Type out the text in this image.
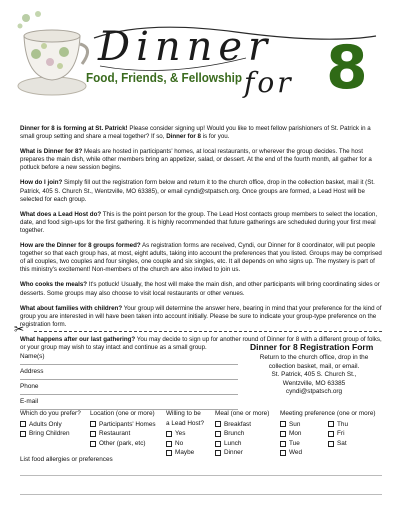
Dinner
Food, Friends, & Fellowship for 8

Dinner for 8 is forming at St. Patrick! Please consider signing up! Would you like to meet fellow parishioners of St. Patrick in a small group setting and share a meal together? If so, Dinner for 8 is for you.

What is Dinner for 8? Meals are hosted in participants' homes, at local restaurants, or wherever the group decides. The host prepares the main dish, while other members bring an appetizer, salad, or dessert. At the end of the fourth month, all gather for a potluck before a new session begins.

How do I join? Simply fill out the registration form below and return it to the church office, drop in the collection basket, mail it (St. Patrick, 405 S. Church St., Wentzville, MO 63385), or email cyndi@stpatsch.org. Once groups are formed, a Lead Host will be selected for each group.

What does a Lead Host do? This is the point person for the group. The Lead Host contacts group members to select the location, date, and food sign-ups for the first gathering. It is highly recommended that future gatherings are scheduled during your first meal together.

How are the Dinner for 8 groups formed? As registration forms are received, Cyndi, our Dinner for 8 coordinator, will put people together so that each group has, at most, eight adults, taking into account the preferences that you listed. Groups may be comprised of all couples, two couples and four singles, one couple and six singles, etc. It all depends on who signs up. The mystery is part of this ministry's excitement! Non-members of the church are also invited to join us.

Who cooks the meals? It's potluck! Usually, the host will make the main dish, and other participants will bring coordinating sides or desserts. Some groups may also choose to visit local restaurants or other venues.

What about families with children? Your group will determine the answer here, bearing in mind that your preference for the kind of group you are interested in will have been taken into account initially. Please be sure to indicate your group-type preference on the registration form.

What happens after our last gathering? You may decide to sign up for another round of Dinner for 8 with a different group of folks, or your group may wish to stay intact and continue as a small group.

✂
Name(s)
Address
Phone
E-mail
Dinner for 8 Registration Form
Return to the church office, drop in the
collection basket, mail, or email.
St. Patrick, 405 S. Church St.,
Wentzville, MO 63385
cyndi@stpatsch.org
Which do you prefer?
Adults Only
Bring Children
Location (one or more)
Participants' Homes
Restaurant
Other (park, etc)
Willing to be
a Lead Host?
Yes
No
Maybe
Meal (one or more)
Breakfast
Brunch
Lunch
Dinner
Meeting preference (one or more)
Sun
Mon
Tue
Wed
Thu
Fri
Sat
List food allergies or preferences
